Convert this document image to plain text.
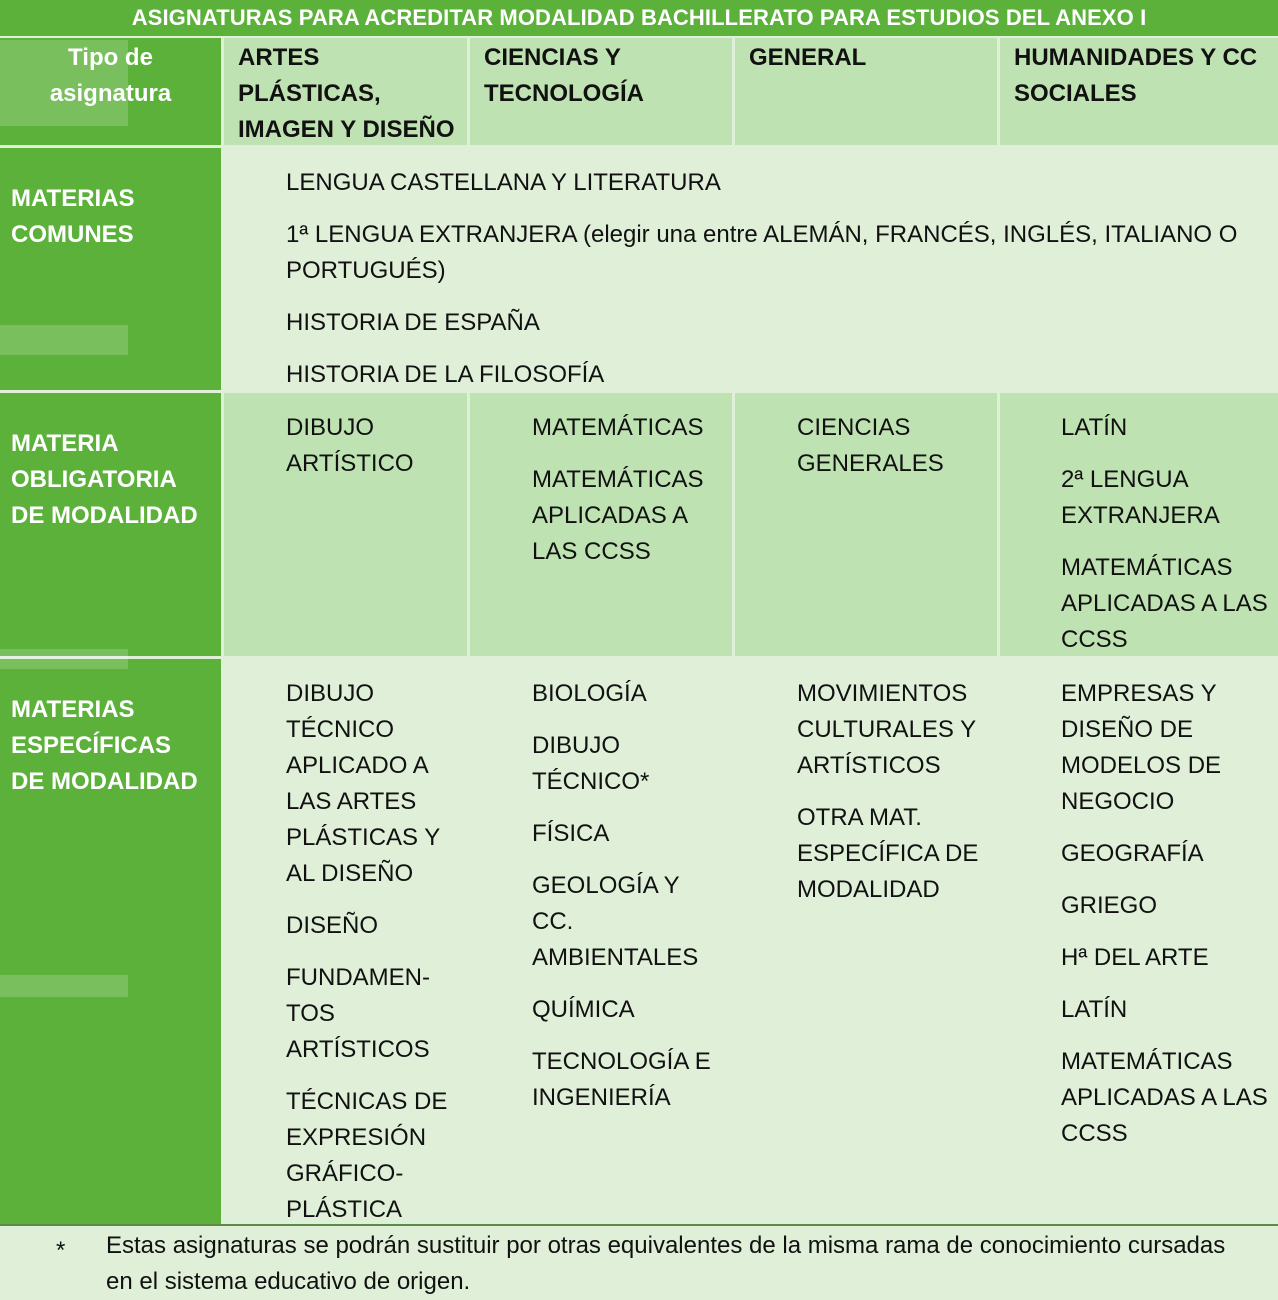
ASIGNATURAS PARA ACREDITAR MODALIDAD BACHILLERATO PARA ESTUDIOS DEL ANEXO I
Tipo de asignatura
ARTES PLÁSTICAS, IMAGEN Y DISEÑO
CIENCIAS Y TECNOLOGÍA
GENERAL	HUMANIDADES Y CC SOCIALES
MATERIAS COMUNES
LENGUA CASTELLANA Y LITERATURA
1ª LENGUA EXTRANJERA (elegir una entre ALEMÁN, FRANCÉS, INGLÉS, ITALIANO O PORTUGUÉS)
HISTORIA DE ESPAÑA
HISTORIA DE LA FILOSOFÍA
MATERIA OBLIGATORIA DE MODALIDAD
DIBUJO ARTÍSTICO
MATEMÁTICAS
MATEMÁTICAS APLICADAS A LAS CCSS
CIENCIAS GENERALES
LATÍN
2ª LENGUA EXTRANJERA
MATEMÁTICAS APLICADAS A LAS CCSS
MATERIAS ESPECÍFICAS DE MODALIDAD
DIBUJO TÉCNICO APLICADO A LAS ARTES PLÁSTICAS Y AL DISEÑO
DISEÑO
FUNDAMEN-TOS ARTÍSTICOS
TÉCNICAS DE EXPRESIÓN GRÁFICO-PLÁSTICA
BIOLOGÍA
DIBUJO TÉCNICO*
FÍSICA
GEOLOGÍA Y CC. AMBIENTALES
QUÍMICA
TECNOLOGÍA E INGENIERÍA
MOVIMIENTOS CULTURALES Y ARTÍSTICOS
OTRA MAT. ESPECÍFICA DE MODALIDAD
EMPRESAS Y DISEÑO DE MODELOS DE NEGOCIO
GEOGRAFÍA
GRIEGO
Hª DEL ARTE
LATÍN
MATEMÁTICAS APLICADAS A LAS CCSS
* Estas asignaturas se podrán sustituir por otras equivalentes de la misma rama de conocimiento cursadas en el sistema educativo de origen.
